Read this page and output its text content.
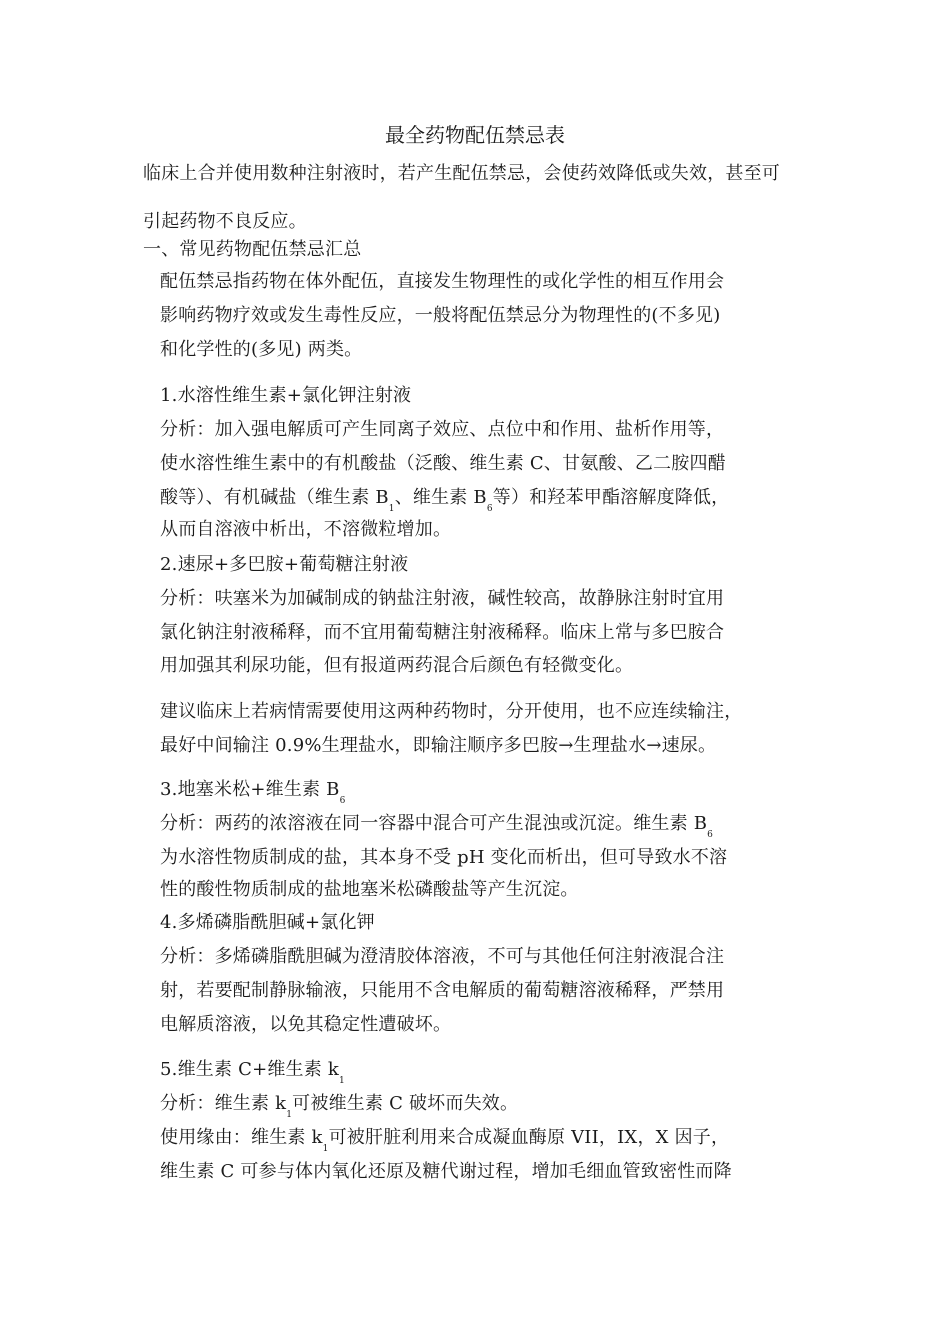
最全药物配伍禁忌表
临床上合并使用数种注射液时，若产生配伍禁忌，会使药效降低或失效，甚至可
引起药物不良反应。
一、常见药物配伍禁忌汇总
配伍禁忌指药物在体外配伍，直接发生物理性的或化学性的相互作用会
影响药物疗效或发生毒性反应，一般将配伍禁忌分为物理性的(不多见)
和化学性的(多见) 两类。
1.水溶性维生素+氯化钾注射液
分析：加入强电解质可产生同离子效应、点位中和作用、盐析作用等，
使水溶性维生素中的有机酸盐（泛酸、维生素 C、甘氨酸、乙二胺四醋
酸等）、有机碱盐（维生素 $B_1$、维生素 $B_6$等）和羟苯甲酯溶解度降低，
从而自溶液中析出，不溶微粒增加。
2.速尿+多巴胺+葡萄糖注射液
分析：呋塞米为加碱制成的钠盐注射液，碱性较高，故静脉注射时宜用
氯化钠注射液稀释，而不宜用葡萄糖注射液稀释。临床上常与多巴胺合
用加强其利尿功能，但有报道两药混合后颜色有轻微变化。
建议临床上若病情需要使用这两种药物时，分开使用，也不应连续输注，
最好中间输注 0.9%生理盐水，即输注顺序多巴胺→生理盐水→速尿。
3.地塞米松+维生素 $B_6$
分析：两药的浓溶液在同一容器中混合可产生混浊或沉淀。维生素 $B_6$
为水溶性物质制成的盐，其本身不受 pH 变化而析出，但可导致水不溶
性的酸性物质制成的盐地塞米松磷酸盐等产生沉淀。
4.多烯磷脂酰胆碱+氯化钾
分析：多烯磷脂酰胆碱为澄清胶体溶液，不可与其他任何注射液混合注
射，若要配制静脉输液，只能用不含电解质的葡萄糖溶液稀释，严禁用
电解质溶液，以免其稳定性遭破坏。
5.维生素 C+维生素 $k_1$
分析：维生素 $k_1$可被维生素 C 破坏而失效。
使用缘由：维生素 $k_1$可被肝脏利用来合成凝血酶原 VII，IX，X 因子，
维生素 C 可参与体内氧化还原及糖代谢过程，增加毛细血管致密性而降
